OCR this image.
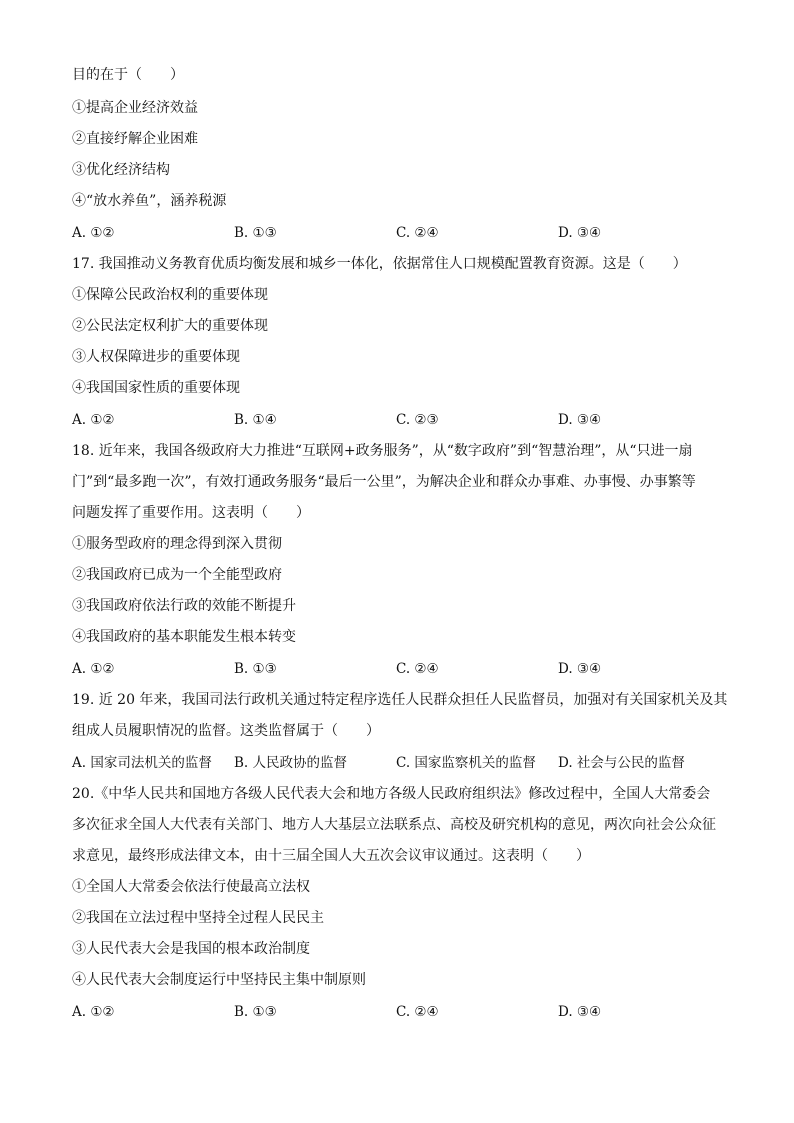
目的在于（　　）
①提高企业经济效益
②直接纾解企业困难
③优化经济结构
④“放水养鱼”，涵养税源
A. ①②	B. ①③	C. ②④	D. ③④
17. 我国推动义务教育优质均衡发展和城乡一体化，依据常住人口规模配置教育资源。这是（　　）
①保障公民政治权利的重要体现
②公民法定权利扩大的重要体现
③人权保障进步的重要体现
④我国国家性质的重要体现
A. ①②	B. ①④	C. ②③	D. ③④
18. 近年来，我国各级政府大力推进“互联网+政务服务”，从“数字政府”到“智慧治理”，从“只进一扇
门”到“最多跑一次”，有效打通政务服务“最后一公里”，为解决企业和群众办事难、办事慢、办事繁等
问题发挥了重要作用。这表明（　　）
①服务型政府的理念得到深入贯彻
②我国政府已成为一个全能型政府
③我国政府依法行政的效能不断提升
④我国政府的基本职能发生根本转变
A. ①②	B. ①③	C. ②④	D. ③④
19. 近 20 年来，我国司法行政机关通过特定程序选任人民群众担任人民监督员，加强对有关国家机关及其
组成人员履职情况的监督。这类监督属于（　　）
A. 国家司法机关的监督 B. 人民政协的监督	C. 国家监察机关的监督 D. 社会与公民的监督
20.《中华人民共和国地方各级人民代表大会和地方各级人民政府组织法》修改过程中，全国人大常委会
多次征求全国人大代表有关部门、地方人大基层立法联系点、高校及研究机构的意见，两次向社会公众征
求意见，最终形成法律文本，由十三届全国人大五次会议审议通过。这表明（　　）
①全国人大常委会依法行使最高立法权
②我国在立法过程中坚持全过程人民民主
③人民代表大会是我国的根本政治制度
④人民代表大会制度运行中坚持民主集中制原则
A. ①②	B. ①③	C. ②④	D. ③④
